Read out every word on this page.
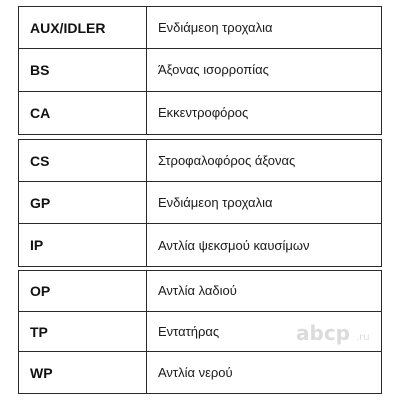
AUX/IDLER	Ενδιάμεοη τροχαλια
BS	Άξονας ισορροπίας
CA	Εκκεντροφόρος
CS	Στροφαλοφόρος άξονας
GP	Ενδιάμεοη τροχαλια
IP	Αντλία ψεκσμού καυσίμων
OP	Αντλία λαδιού
TP	Εντατήρας
WP	Αντλία νερού
abcp .ru
